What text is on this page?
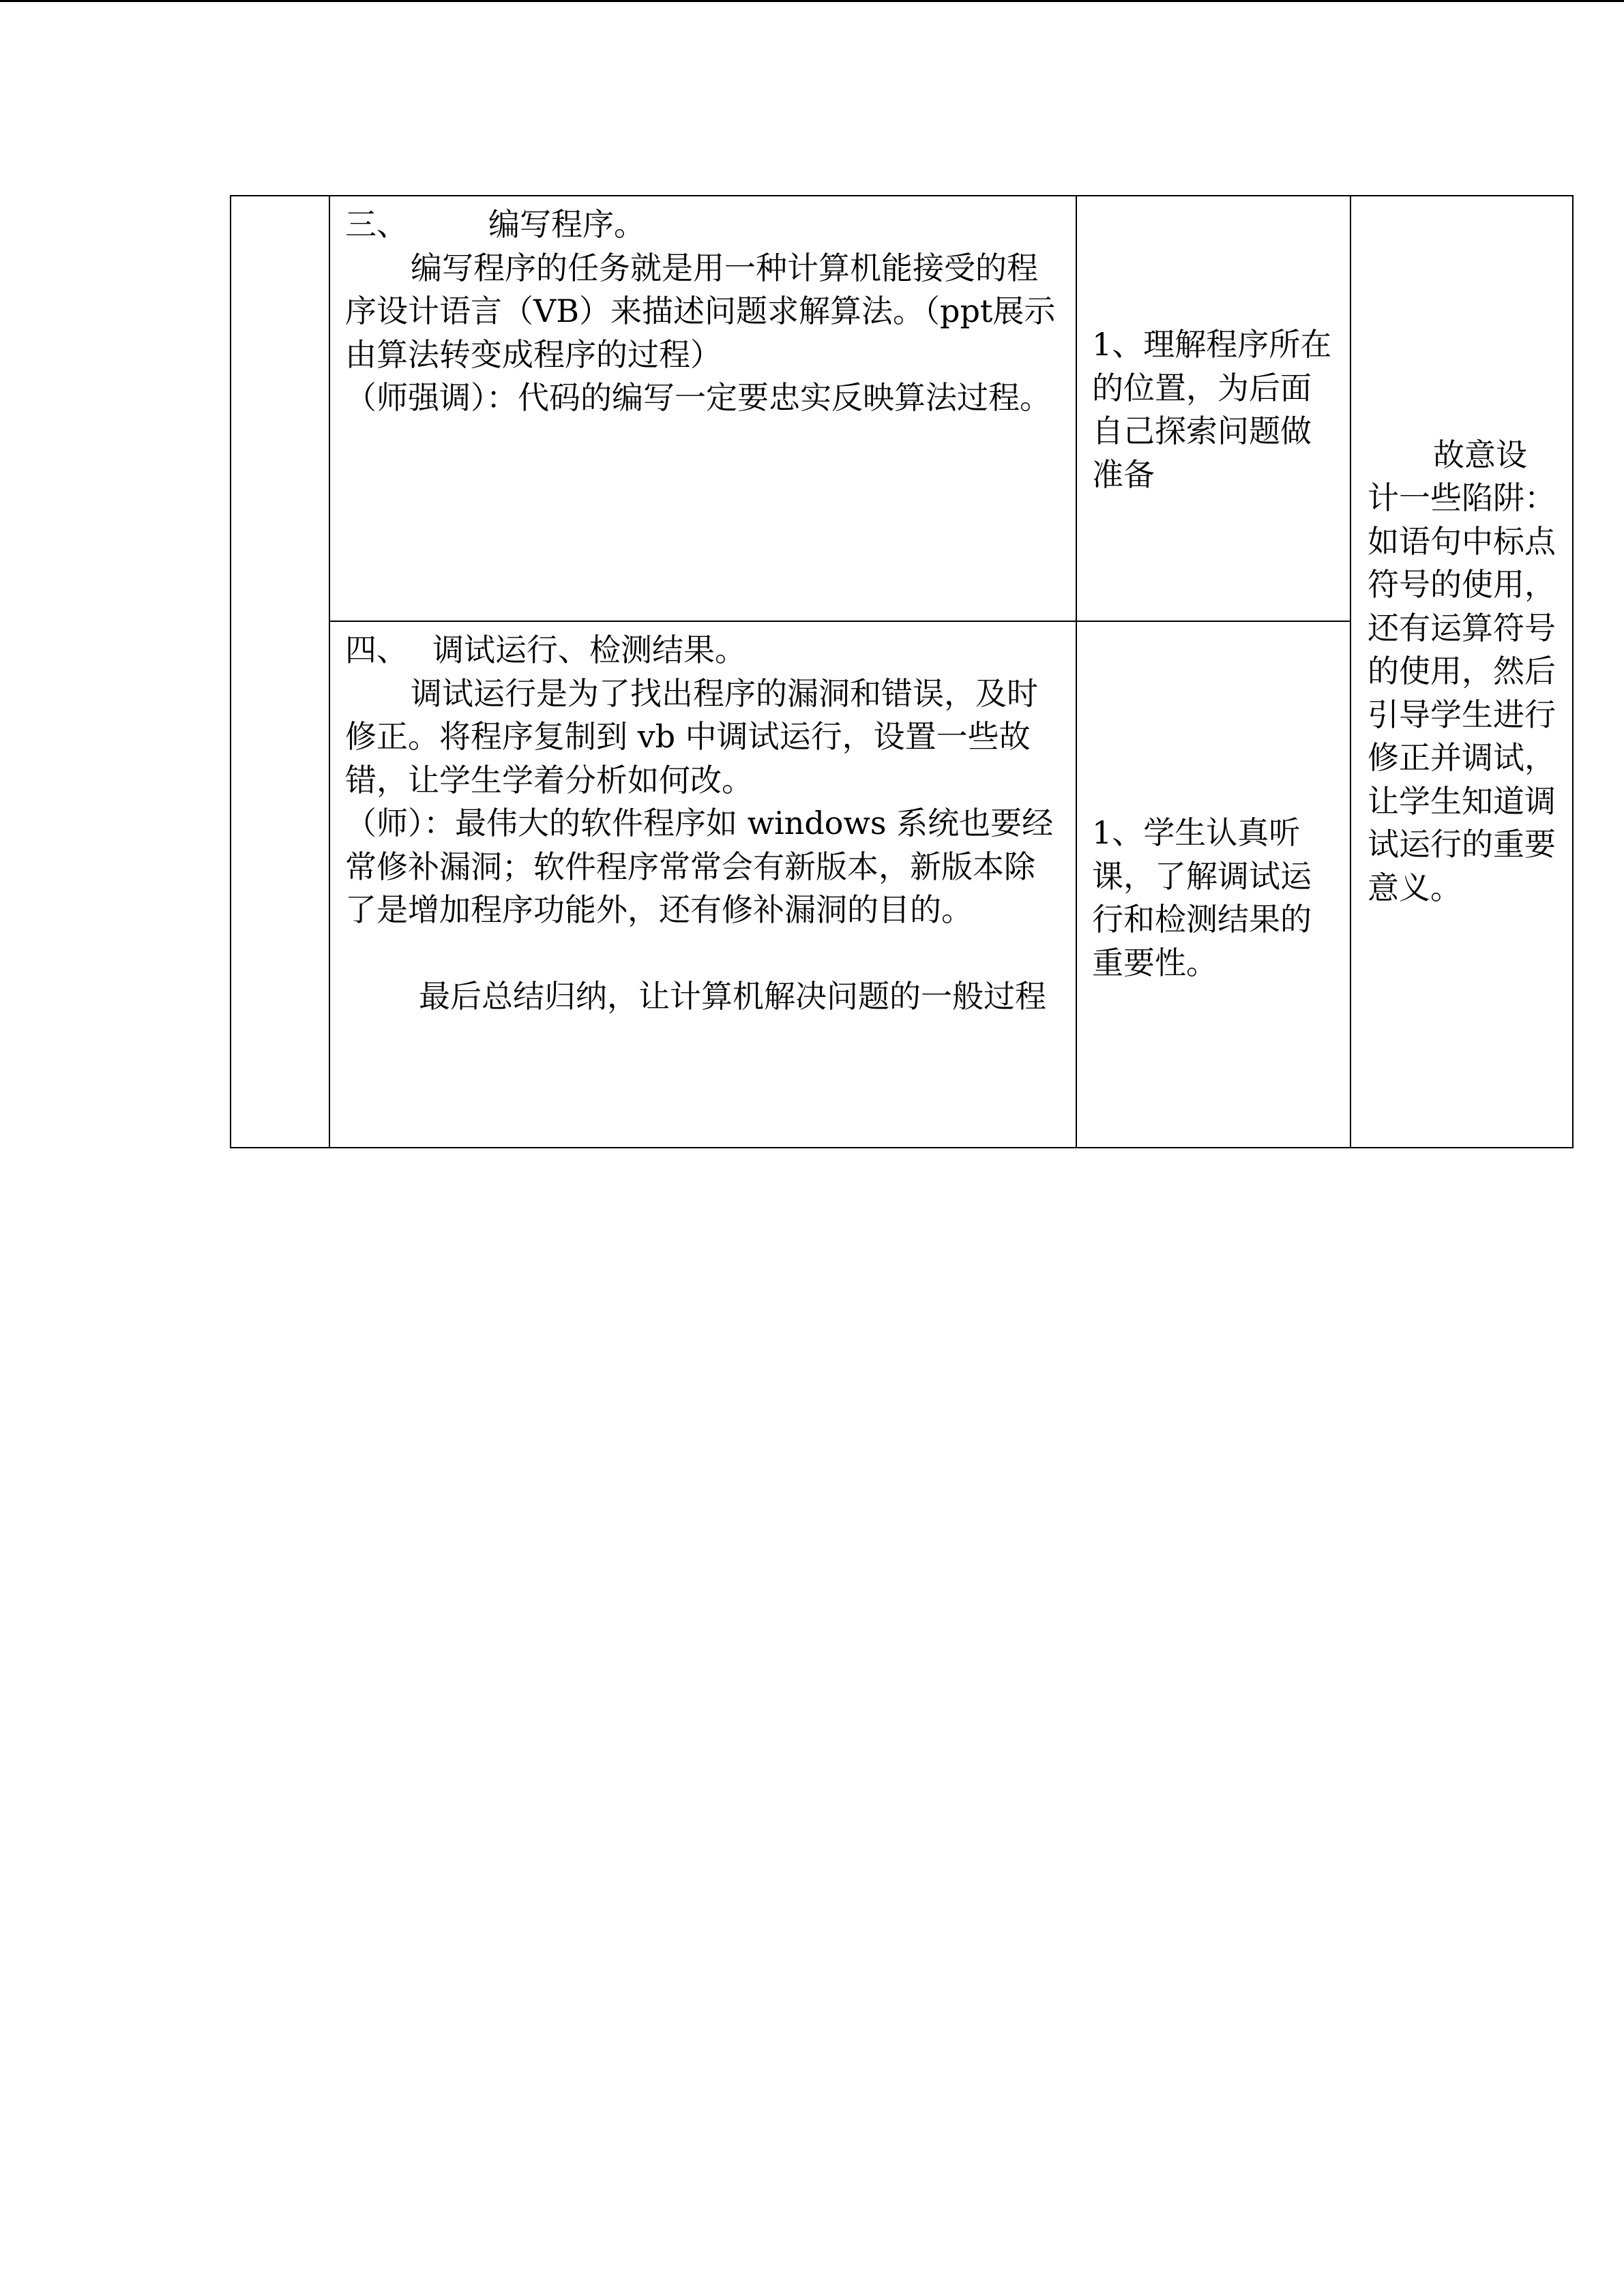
	三、 编写程序。

编写程序的任务就是用一种计算机能接受的程序设计语言（VB）来描述问题求解算法。（ppt展示由算法转变成程序的过程）

（师强调）：代码的编写一定要忠实反映算法过程。	1、理解程序所在的位置，为后面自己探索问题做准备	故意设计一些陷阱：如语句中标点符号的使用，还有运算符号的使用，然后引导学生进行修正并调试，让学生知道调试运行的重要意义。

	四、 调试运行、检测结果。

调试运行是为了找出程序的漏洞和错误，及时修正。将程序复制到 vb 中调试运行，设置一些故错，让学生学着分析如何改。

（师）：最伟大的软件程序如 windows 系统也要经常修补漏洞；软件程序常常会有新版本，新版本除了是增加程序功能外，还有修补漏洞的目的。

最后总结归纳，让计算机解决问题的一般过程	1、学生认真听课，了解调试运行和检测结果的重要性。	
